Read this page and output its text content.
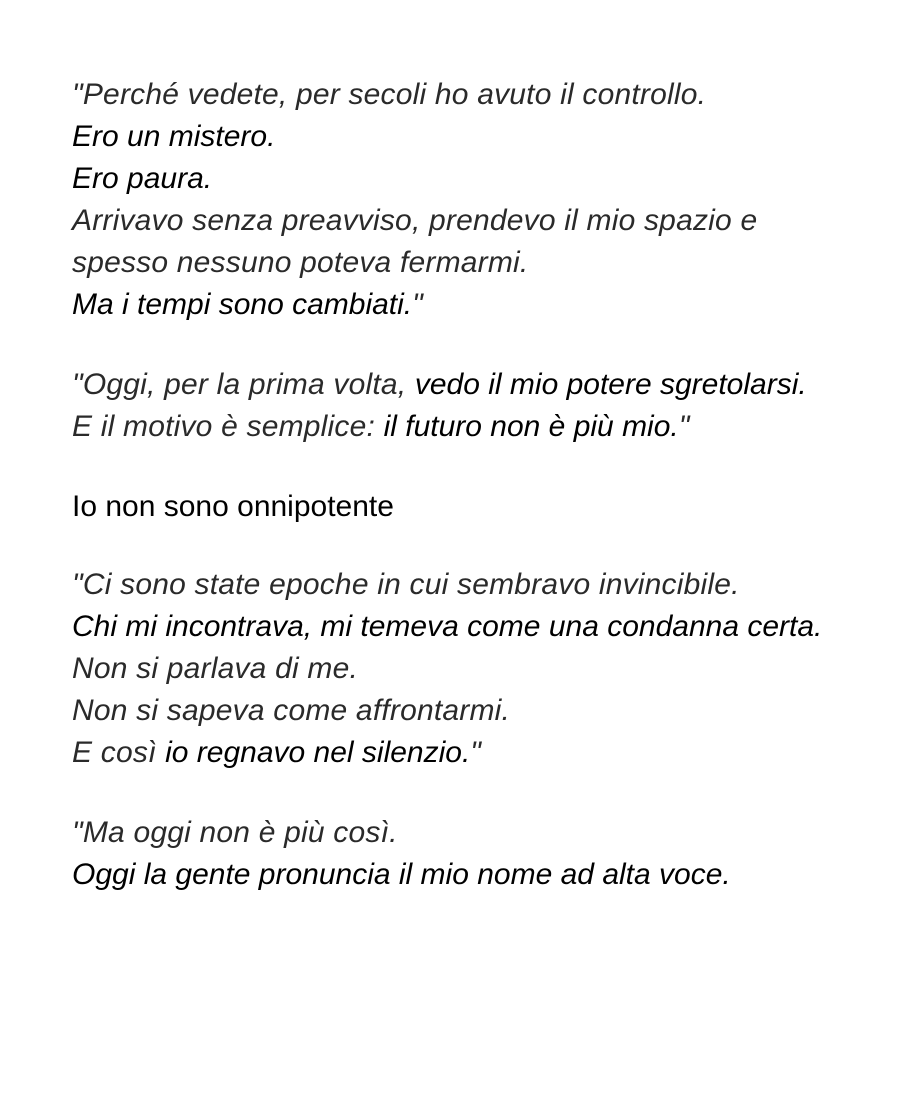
"Perché vedete, per secoli ho avuto il controllo.
Ero un mistero.
Ero paura.
Arrivavo senza preavviso, prendevo il mio spazio e spesso nessuno poteva fermarmi.
Ma i tempi sono cambiati."

"Oggi, per la prima volta, vedo il mio potere sgretolarsi.
E il motivo è semplice: il futuro non è più mio."

Io non sono onnipotente

"Ci sono state epoche in cui sembravo invincibile.
Chi mi incontrava, mi temeva come una condanna certa.
Non si parlava di me.
Non si sapeva come affrontarmi.
E così io regnavo nel silenzio."

"Ma oggi non è più così.
Oggi la gente pronuncia il mio nome ad alta voce.
